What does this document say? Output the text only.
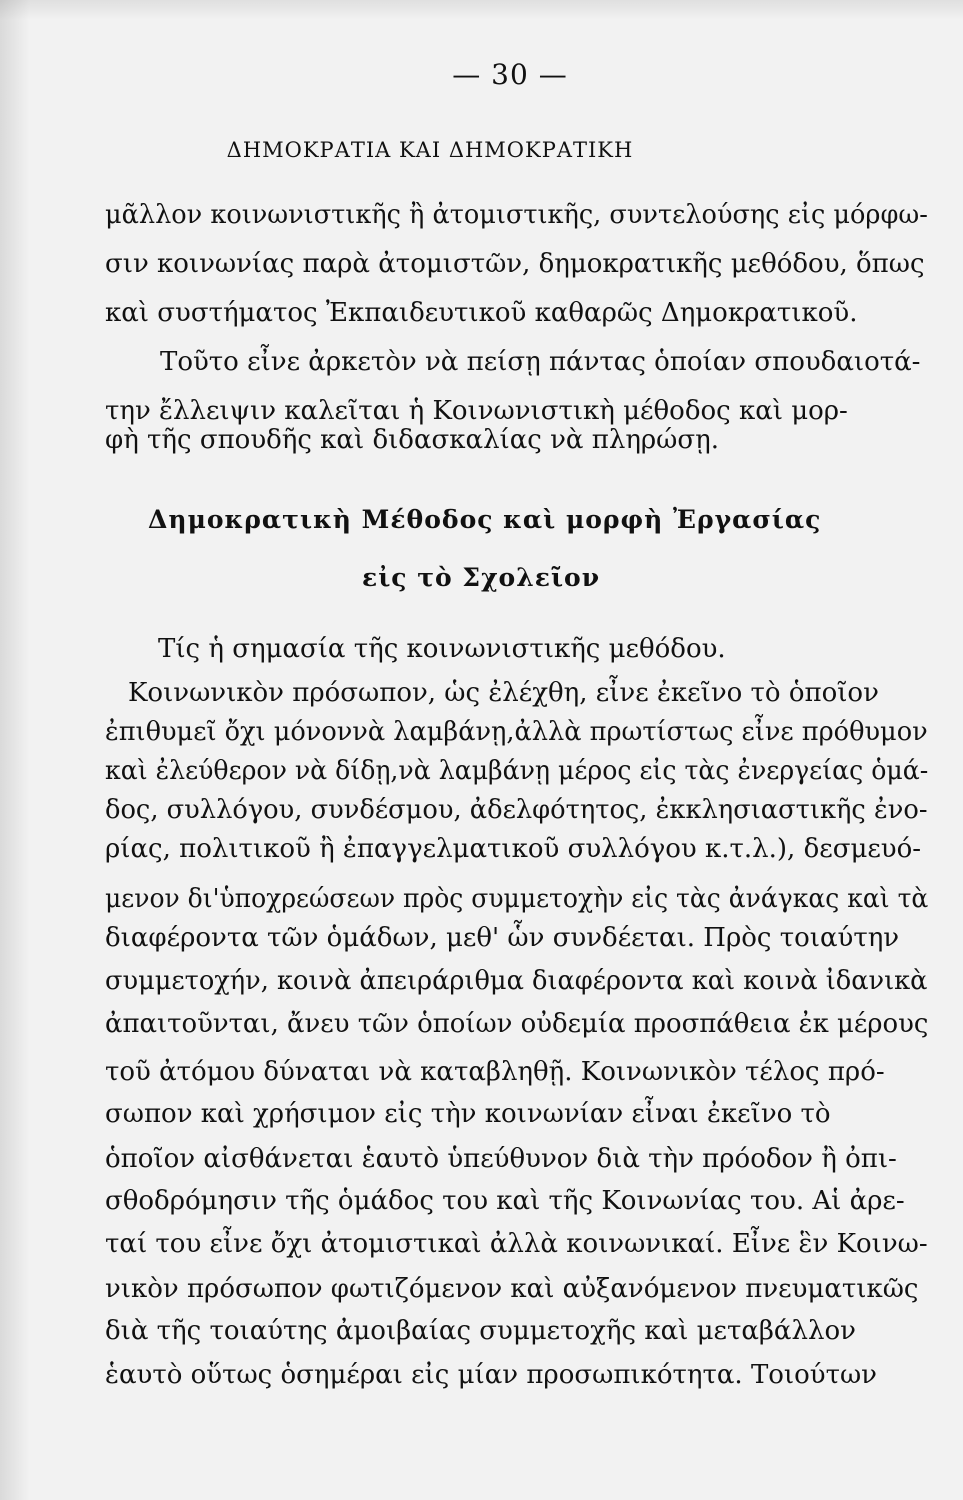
— 30 —
ΔΗΜΟΚΡΑΤΙΑ ΚΑΙ ΔΗΜΟΚΡΑΤΙΚΗ
μᾶλλον κοινωνιστικῆς ἢ ἀτομιστικῆς, συντελούσης εἰς μόρφω-
σιν κοινωνίας παρὰ ἀτομιστῶν, δημοκρατικῆς μεθόδου, ὅπως
καὶ συστήματος Ἐκπαιδευτικοῦ καθαρῶς Δημοκρατικοῦ.
Τοῦτο εἶνε ἀρκετὸν νὰ πείσῃ πάντας ὁποίαν σπουδαιοτά-
την ἔλλειψιν καλεῖται ἡ Κοινωνιστικὴ μέθοδος καὶ μορ-
φὴ τῆς σπουδῆς καὶ διδασκαλίας νὰ πληρώσῃ.
Δημοκρατικὴ Μέθοδος καὶ μορφὴ Ἐργασίας
εἰς τὸ Σχολεῖον
Τίς ἡ σημασία τῆς κοινωνιστικῆς μεθόδου.
Κοινωνικὸν πρόσωπον, ὡς ἐλέχθη, εἶνε ἐκεῖνο τὸ ὁποῖον
ἐπιθυμεῖ ὄχι μόνοννὰ λαμβάνῃ,ἀλλὰ πρωτίστως εἶνε πρόθυμον
καὶ ἐλεύθερον νὰ δίδῃ,νὰ λαμβάνῃ μέρος εἰς τὰς ἐνεργείας ὁμά-
δος, συλλόγου, συνδέσμου, ἀδελφότητος, ἐκκλησιαστικῆς ἐνο-
ρίας, πολιτικοῦ ἢ ἐπαγγελματικοῦ συλλόγου κ.τ.λ.), δεσμευό-
μενον δι'ὑποχρεώσεων πρὸς συμμετοχὴν εἰς τὰς ἀνάγκας καὶ τὰ
διαφέροντα τῶν ὁμάδων, μεθ' ὧν συνδέεται. Πρὸς τοιαύτην
συμμετοχήν, κοινὰ ἀπειράριθμα διαφέροντα καὶ κοινὰ ἰδανικὰ
ἀπαιτοῦνται, ἄνευ τῶν ὁποίων οὐδεμία προσπάθεια ἐκ μέρους
τοῦ ἀτόμου δύναται νὰ καταβληθῇ. Κοινωνικὸν τέλος πρό-
σωπον καὶ χρήσιμον εἰς τὴν κοινωνίαν εἶναι ἐκεῖνο τὸ
ὁποῖον αἰσθάνεται ἑαυτὸ ὑπεύθυνον διὰ τὴν πρόοδον ἢ ὀπι-
σθοδρόμησιν τῆς ὁμάδος του καὶ τῆς Κοινωνίας του. Αἱ ἀρε-
ταί του εἶνε ὄχι ἀτομιστικαὶ ἀλλὰ κοινωνικαί. Εἶνε ἓν Κοινω-
νικὸν πρόσωπον φωτιζόμενον καὶ αὐξανόμενον πνευματικῶς
διὰ τῆς τοιαύτης ἀμοιβαίας συμμετοχῆς καὶ μεταβάλλον
ἑαυτὸ οὕτως ὁσημέραι εἰς μίαν προσωπικότητα. Τοιούτων
